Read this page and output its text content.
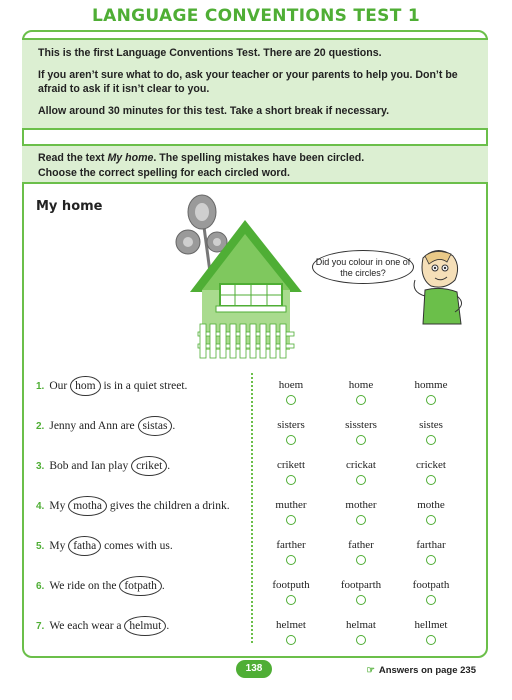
LANGUAGE CONVENTIONS TEST 1

This is the first Language Conventions Test. There are 20 questions.

If you aren’t sure what to do, ask your teacher or your parents to help you. Don’t be afraid to ask if it isn’t clear to you.

Allow around 30 minutes for this test. Take a short break if necessary.

Read the text My home. The spelling mistakes have been circled.
Choose the correct spelling for each circled word.
My home
Did you colour in one of the circles?
1. Our hom is in a quiet street.	hoem	home	homme
2. Jenny and Ann are sistas .	sisters	sissters	sistes
3. Bob and Ian play criket .	crikett	crickat	cricket
4. My motha gives the children a drink.	muther	mother	mothe
5. My fatha comes with us.	farther	father	farthar
6. We ride on the fotpath .	footputh	footparth	footpath
7. We each wear a helmut .	helmet	helmat	hellmet
138	☞ Answers on page 235
